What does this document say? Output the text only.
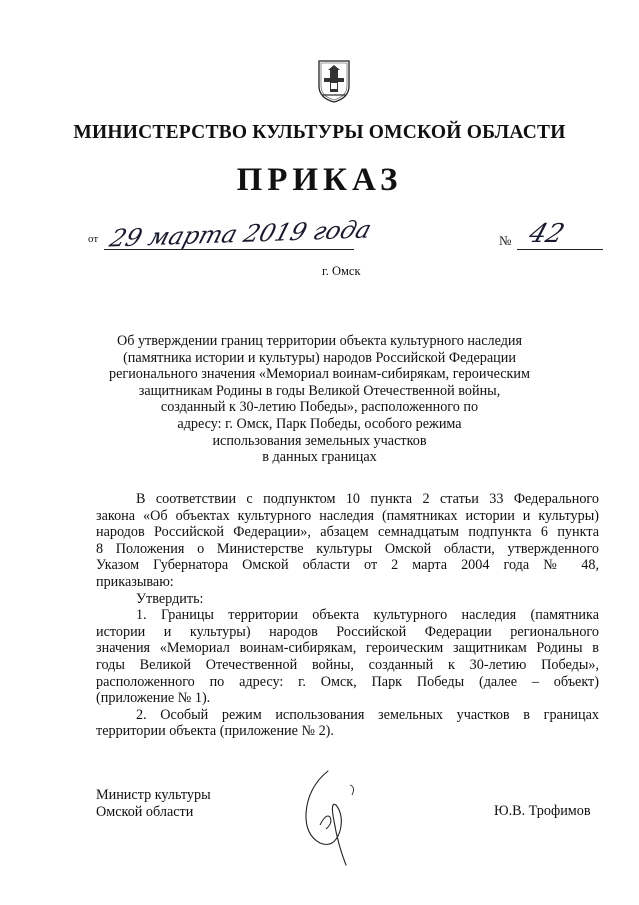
МИНИСТЕРСТВО КУЛЬТУРЫ ОМСКОЙ ОБЛАСТИ
ПРИКАЗ
от 29 марта 2019 года	№ 42
г. Омск
Об утверждении границ территории объекта культурного наследия
(памятника истории и культуры) народов Российской Федерации
регионального значения «Мемориал воинам-сибирякам, героическим
защитникам Родины в годы Великой Отечественной войны,
созданный к 30-летию Победы», расположенного по
адресу: г. Омск, Парк Победы, особого режима
использования земельных участков
в данных границах

В соответствии с подпунктом 10 пункта 2 статьи 33 Федерального
закона «Об объектах культурного наследия (памятниках истории и культуры)
народов Российской Федерации», абзацем семнадцатым подпункта 6 пункта
8 Положения о Министерстве культуры Омской области, утвержденного
Указом Губернатора Омской области от 2 марта 2004 года № 48,
приказываю:

Утвердить:

1. Границы территории объекта культурного наследия (памятника
истории и культуры) народов Российской Федерации регионального
значения «Мемориал воинам-сибирякам, героическим защитникам Родины в
годы Великой Отечественной войны, созданный к 30-летию Победы»,
расположенного по адресу: г. Омск, Парк Победы (далее – объект)
(приложение № 1).

2. Особый режим использования земельных участков в границах
территории объекта (приложение № 2).

Министр культуры
Омской области	Ю.В. Трофимов
